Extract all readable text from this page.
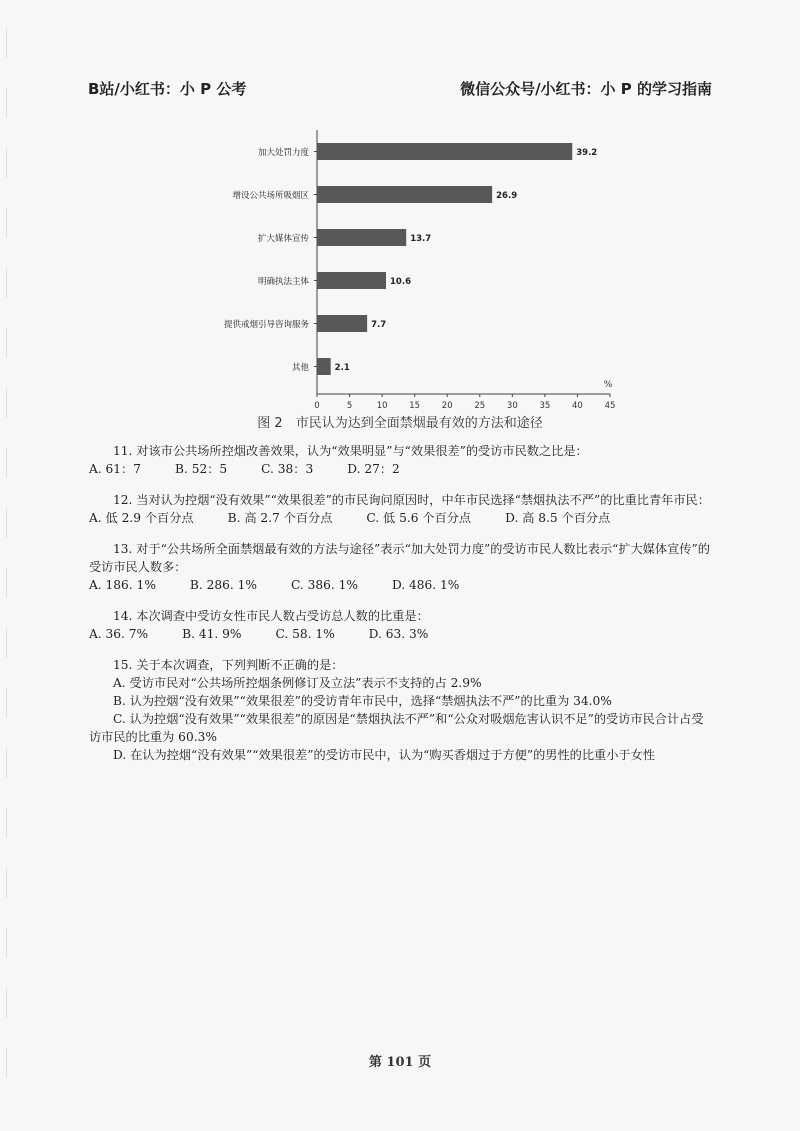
B站/小红书：小 P 公考	微信公众号/小红书：小 P 的学习指南
加大处罚力度	39.2
增设公共场所吸烟区	26.9
扩大媒体宣传	13.7
明确执法主体	10.6
提供戒烟引导咨询服务	7.7
其他	2.1
0	5	10	15	20	25	30	35	40	45
%
图 2　市民认为达到全面禁烟最有效的方法和途径
11. 对该市公共场所控烟改善效果，认为“效果明显”与“效果很差”的受访市民数之比是：
A. 61：7	B. 52：5	C. 38：3	D. 27：2
12. 当对认为控烟“没有效果”“效果很差”的市民询问原因时，中年市民选择“禁烟执法不严”的比重比青年市民：
A. 低 2.9 个百分点	B. 高 2.7 个百分点	C. 低 5.6 个百分点	D. 高 8.5 个百分点
13. 对于“公共场所全面禁烟最有效的方法与途径”表示“加大处罚力度”的受访市民人数比表示“扩大媒体宣传”的受访市民人数多：
A. 186. 1%	B. 286. 1%	C. 386. 1%	D. 486. 1%
14. 本次调查中受访女性市民人数占受访总人数的比重是：
A. 36. 7%	B. 41. 9%	C. 58. 1%	D. 63. 3%
15. 关于本次调查，下列判断不正确的是：
A. 受访市民对“公共场所控烟条例修订及立法”表示不支持的占 2.9%
B. 认为控烟“没有效果”“效果很差”的受访青年市民中，选择“禁烟执法不严”的比重为 34.0%
C. 认为控烟“没有效果”“效果很差”的原因是“禁烟执法不严”和“公众对吸烟危害认识不足”的受访市民合计占受访市民的比重为 60.3%
D. 在认为控烟“没有效果”“效果很差”的受访市民中，认为“购买香烟过于方便”的男性的比重小于女性
第 101 页
